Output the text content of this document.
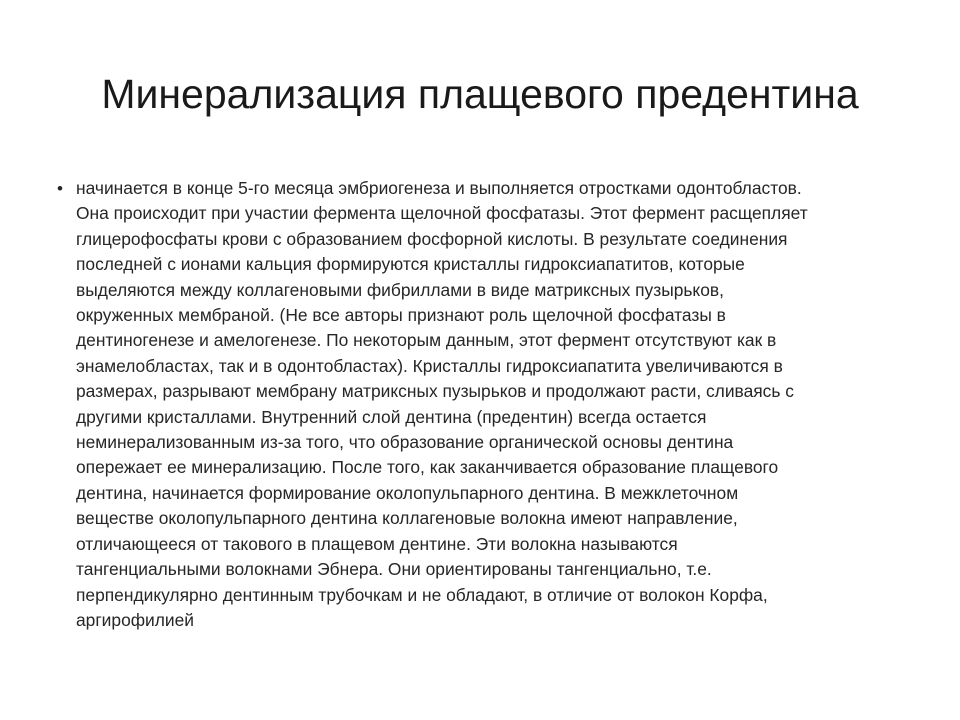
Минерализация плащевого предентина
• начинается в конце 5-го месяца эмбриогенеза и выполняется отростками одонтобластов.
Она происходит при участии фермента щелочной фосфатазы. Этот фермент расщепляет
глицерофосфаты крови с образованием фосфорной кислоты. В результате соединения
последней с ионами кальция формируются кристаллы гидроксиапатитов, которые
выделяются между коллагеновыми фибриллами в виде матриксных пузырьков,
окруженных мембраной. (Не все авторы признают роль щелочной фосфатазы в
дентиногенезе и амелогенезе. По некоторым данным, этот фермент отсутствуют как в
энамелобластах, так и в одонтобластах). Кристаллы гидроксиапатита увеличиваются в
размерах, разрывают мембрану матриксных пузырьков и продолжают расти, сливаясь с
другими кристаллами. Внутренний слой дентина (предентин) всегда остается
неминерализованным из-за того, что образование органической основы дентина
опережает ее минерализацию. После того, как заканчивается образование плащевого
дентина, начинается формирование околопульпарного дентина. В межклеточном
веществе околопульпарного дентина коллагеновые волокна имеют направление,
отличающееся от такового в плащевом дентине. Эти волокна называются
тангенциальными волокнами Эбнера. Они ориентированы тангенциально, т.е.
перпендикулярно дентинным трубочкам и не обладают, в отличие от волокон Корфа,
аргирофилией
